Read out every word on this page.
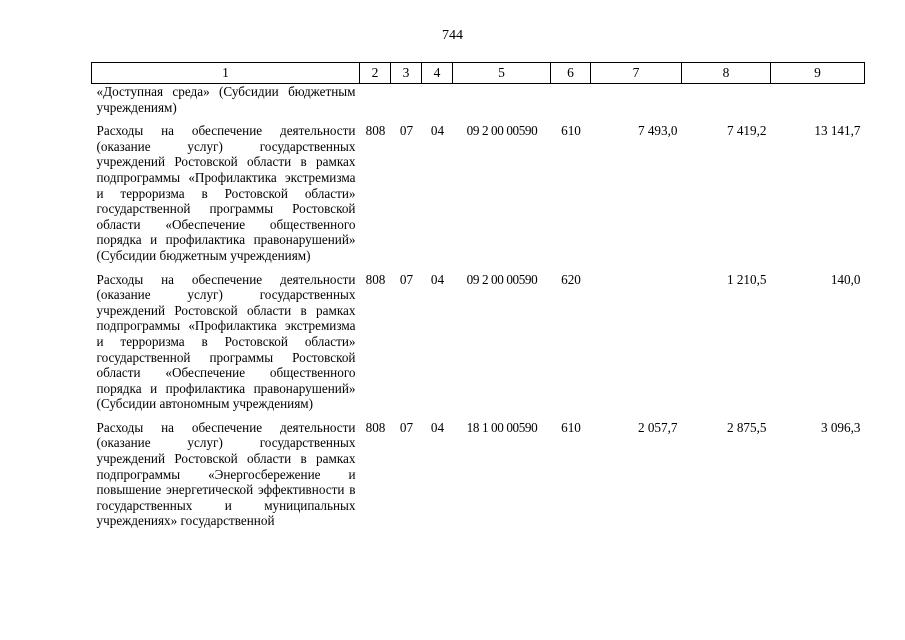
744
1	2	3	4	5	6	7	8	9
«Доступная среда» (Субсидии бюджетным учреждениям)								
Расходы на обеспечение деятельности (оказание услуг) государственных учреждений Ростовской области в рамках подпрограммы «Профилактика экстремизма и терроризма в Ростовской области» государственной программы Ростовской области «Обеспечение общественного порядка и профилактика правонарушений» (Субсидии бюджетным учреждениям)	808	07	04	09 2 00 00590	610	7 493,0	7 419,2	13 141,7
Расходы на обеспечение деятельности (оказание услуг) государственных учреждений Ростовской области в рамках подпрограммы «Профилактика экстремизма и терроризма в Ростовской области» государственной программы Ростовской области «Обеспечение общественного порядка и профилактика правонарушений» (Субсидии автономным учреждениям)	808	07	04	09 2 00 00590	620		1 210,5	140,0
Расходы на обеспечение деятельности (оказание услуг) государственных учреждений Ростовской области в рамках подпрограммы «Энергосбережение и повышение энергетической эффективности в государственных и муниципальных учреждениях» государственной	808	07	04	18 1 00 00590	610	2 057,7	2 875,5	3 096,3
